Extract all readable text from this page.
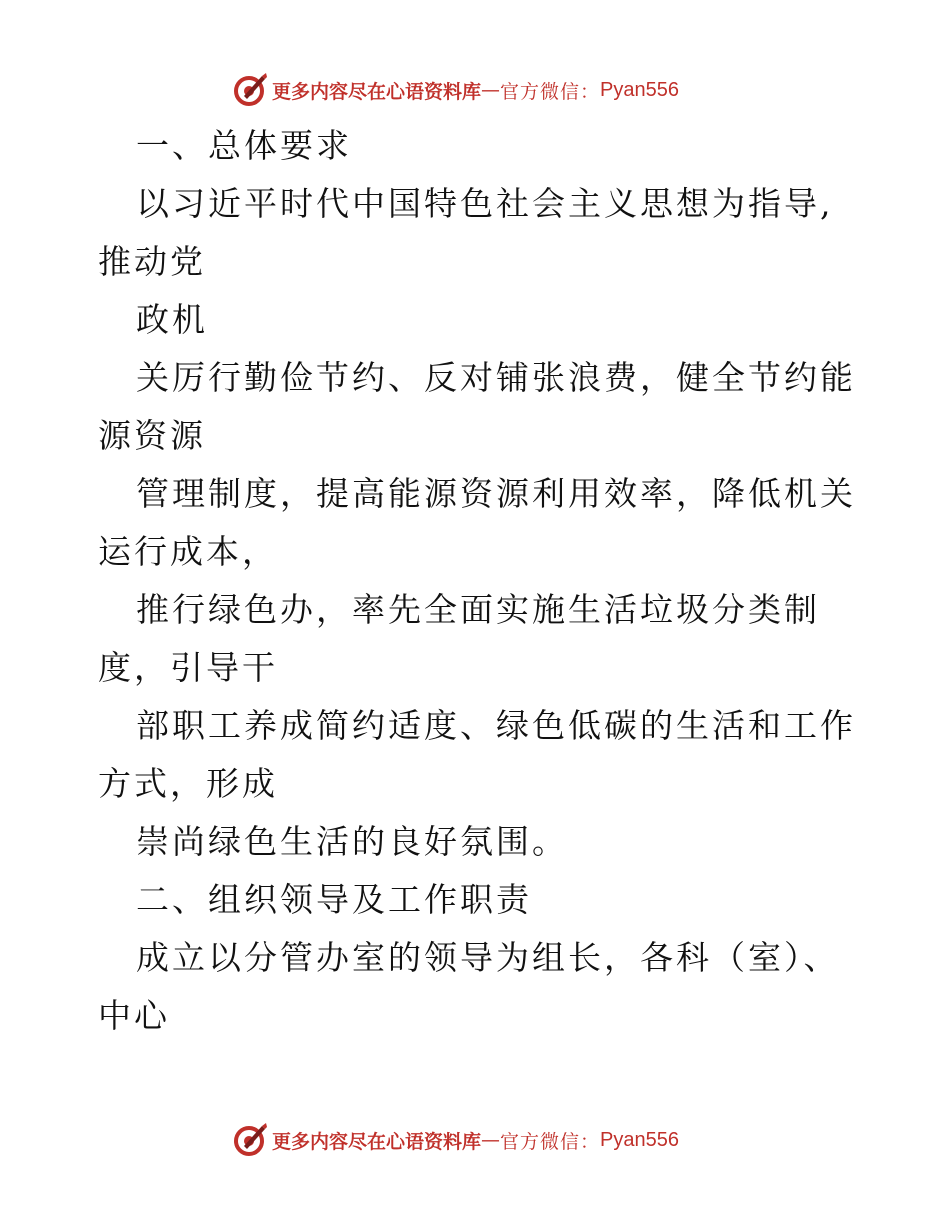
更多内容尽在心语资料库 — 官方微信： Pyan556

一、总体要求

以习近平时代中国特色社会主义思想为指导,推动党

政机

关厉行勤俭节约、反对铺张浪费，健全节约能源资源

管理制度，提高能源资源利用效率，降低机关运行成本，

推行绿色办，率先全面实施生活垃圾分类制度，引导干

部职工养成简约适度、绿色低碳的生活和工作方式，形成

崇尚绿色生活的良好氛围。

二、组织领导及工作职责

成立以分管办室的领导为组长，各科（室）、中心

更多内容尽在心语资料库 — 官方微信： Pyan556
